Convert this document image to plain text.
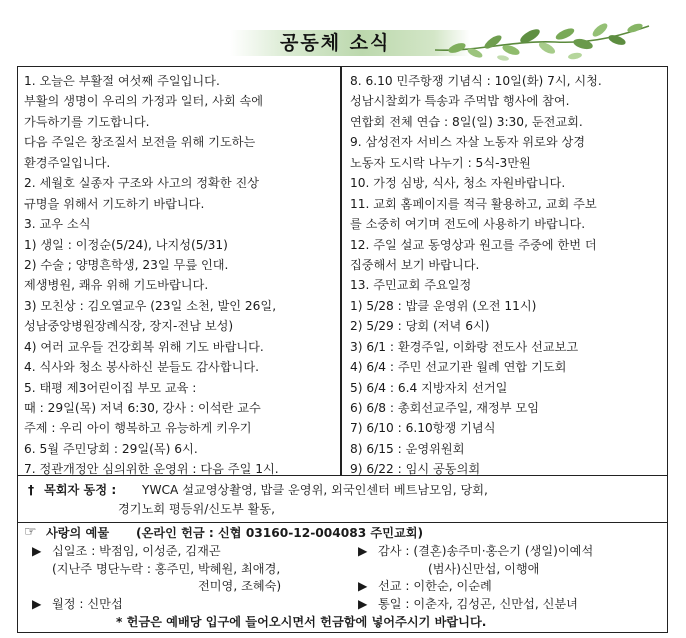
공동체 소식
1. 오늘은 부활절 여섯째 주일입니다.
부활의 생명이 우리의 가정과 일터, 사회 속에
가득하기를 기도합니다.
다음 주일은 창조질서 보전을 위해 기도하는
환경주일입니다.
2. 세월호 실종자 구조와 사고의 정확한 진상
규명을 위해서 기도하기 바랍니다.
3. 교우 소식
1) 생일 : 이정순(5/24), 나지성(5/31)
2) 수술 ; 양명흔학생, 23일 무릎 인대.
제생병원, 쾌유 위해 기도바랍니다.
3) 모친상 : 김오열교우 (23일 소천, 발인 26일,
성남중앙병원장례식장, 장지-전남 보성)
4) 여러 교우들 건강회복 위해 기도 바랍니다.
4. 식사와 청소 봉사하신 분들도 감사합니다.
5. 태평 제3어린이집 부모 교육 :
때 : 29일(목) 저녁 6:30, 강사 : 이석란 교수
주제 : 우리 아이 행복하고 유능하게 키우기
6. 5월 주민당회 : 29일(목) 6시.
7. 정관개정안 심의위한 운영위 : 다음 주일 1시.
8. 6.10 민주항쟁 기념식 : 10일(화) 7시, 시청.
성남시찰회가 특송과 주먹밥 행사에 참여.
연합회 전체 연습 : 8일(일) 3:30, 둔전교회.
9. 삼성전자 서비스 자살 노동자 위로와 상경
노동자 도시락 나누기 : 5식-3만원
10. 가정 심방, 식사, 청소 자원바랍니다.
11. 교회 홈페이지를 적극 활용하고, 교회 주보
를 소중히 여기며 전도에 사용하기 바랍니다.
12. 주일 설교 동영상과 원고를 주중에 한번 더
집중해서 보기 바랍니다.
13. 주민교회 주요일정
1) 5/28 : 밥클 운영위 (오전 11시)
2) 5/29 : 당회 (저녁 6시)
3) 6/1 : 환경주일, 이화랑 전도사 선교보고
4) 6/4 : 주민 선교기관 월례 연합 기도회
5) 6/4 : 6.4 지방자치 선거일
6) 6/8 : 총회선교주일, 재정부 모임
7) 6/10 : 6.10항쟁 기념식
8) 6/15 : 운영위원회
9) 6/22 : 임시 공동의회
† 목회자 동정 : YWCA 설교영상촬영, 밥클 운영위, 외국인센터 베트남모임, 당회,
경기노회 평등위/신도부 활동,
☞ 사랑의 예물 (온라인 헌금 : 신협 03160-12-004083 주민교회)
▶ 십일조 : 박점임, 이성준, 김재곤
(지난주 명단누락 : 홍주민, 박혜원, 최애경,
전미영, 조혜숙)
▶ 월정 : 신만섭
▶ 감사 : (결혼)송주미·홍은기 (생일)이예석
(범사)신만섭, 이행애
▶ 선교 : 이한순, 이순례
▶ 통일 : 이춘자, 김성곤, 신만섭, 신분녀
* 헌금은 예배당 입구에 들어오시면서 헌금함에 넣어주시기 바랍니다.
